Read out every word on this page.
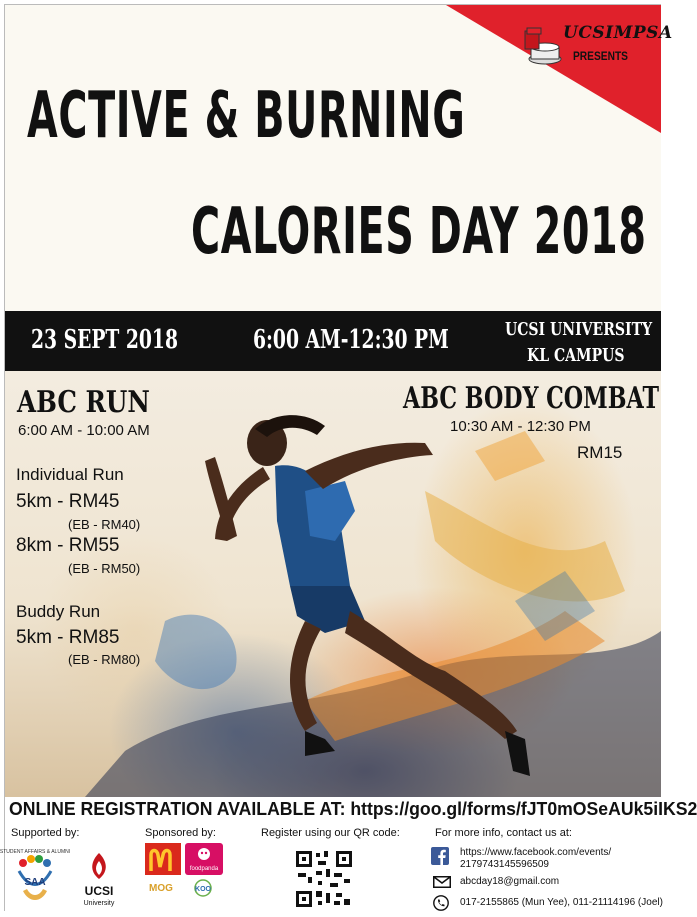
UCSIMPSA
PRESENTS
ACTIVE & BURNING
CALORIES DAY 2018
23 SEPT 2018	6:00 AM-12:30 PM	UCSI UNIVERSITY
KL CAMPUS
ABC RUN
6:00 AM - 10:00 AM
Individual Run
5km - RM45
(EB - RM40)
8km - RM55
(EB - RM50)
Buddy Run
5km - RM85
(EB - RM80)
ABC BODY COMBAT
10:30 AM - 12:30 PM
RM15
ONLINE REGISTRATION AVAILABLE AT: https://goo.gl/forms/fJT0mOSeAUk5iIKS2
Supported by:
STUDENT AFFAIRS & ALUMNI
SAA
UCSI
University
Sponsored by:
foodpanda
MOG	KOO
Register using our QR code:	For more info, contact us at:
https://www.facebook.com/events/
2179743145596509
abcday18@gmail.com
017-2155865 (Mun Yee), 011-21114196 (Joel)
